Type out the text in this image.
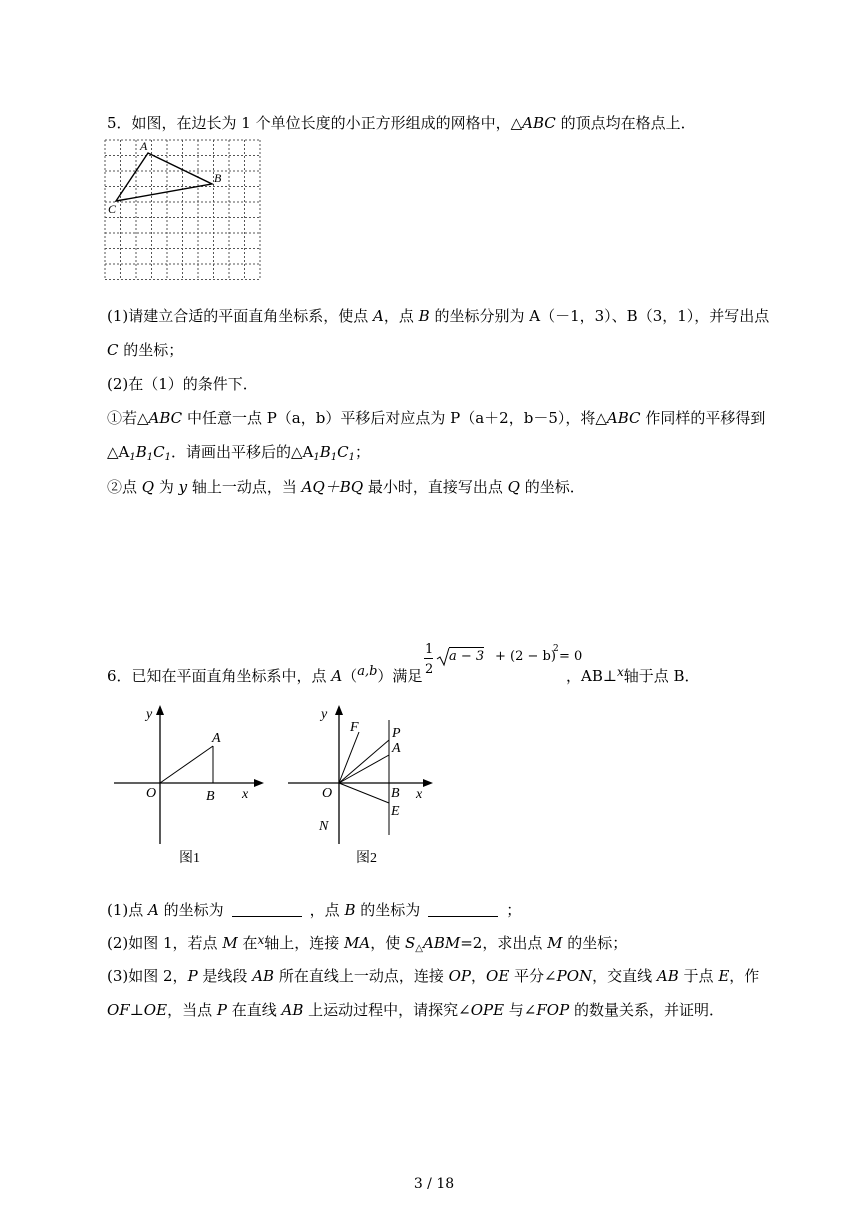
5．如图，在边长为 1 个单位长度的小正方形组成的网格中，△ABC 的顶点均在格点上．
A
B
C
(1)请建立合适的平面直角坐标系，使点 A，点 B 的坐标分别为 A（－1，3）、B（3，1），并写出点
C 的坐标；
(2)在（1）的条件下．
①若△ABC 中任意一点 P（a，b）平移后对应点为 P（a＋2，b－5），将△ABC 作同样的平移得到
$\triangle A_1B_1C_1$．请画出平移后的$\triangle A_1B_1C_1$；
②点 Q 为 y 轴上一动点，当 AQ＋BQ 最小时，直接写出点 Q 的坐标．
6．已知在平面直角坐标系中，点 A（a,b）满足
1
2
a − 3 + (2 − b)
2 = 0
，AB⊥$^x$轴于点 B．
y
x
O
A
B
图1
y
x
O
F P
A
B
E
N
图2
(1)点 A 的坐标为	，点 B 的坐标为	；
(2)如图 1，若点 M 在$^x$轴上，连接 MA，使 $S_\triangle ABM=2$，求出点 M 的坐标；
(3)如图 2，P 是线段 AB 所在直线上一动点，连接 OP，OE 平分∠PON，交直线 AB 于点 E，作
OF⊥OE，当点 P 在直线 AB 上运动过程中，请探究∠OPE 与∠FOP 的数量关系，并证明．
3 / 18
